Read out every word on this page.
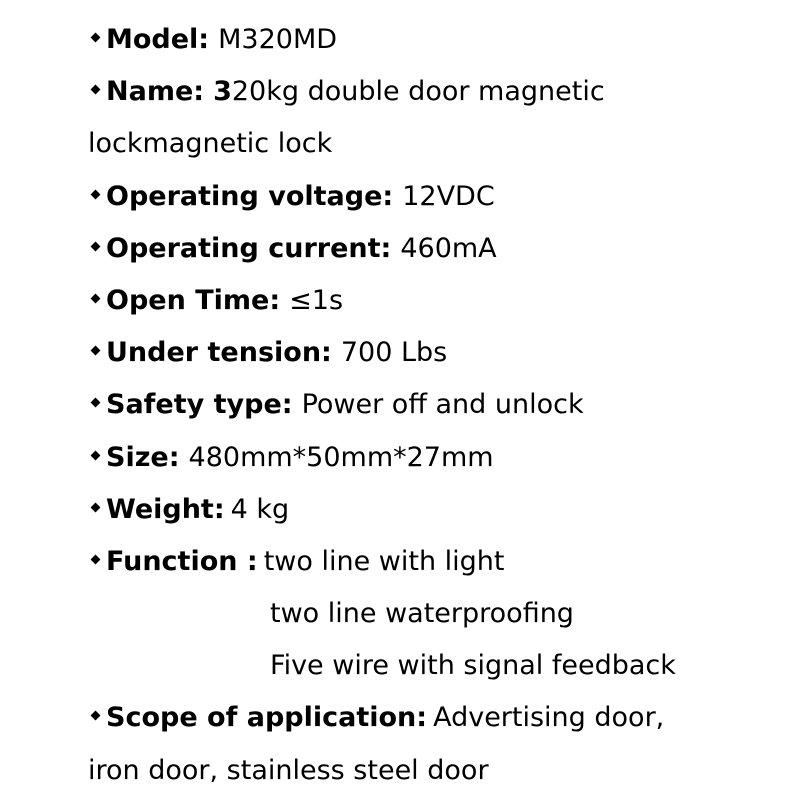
Model: M320MD
Name: 320kg double door magnetic
lockmagnetic lock
Operating voltage: 12VDC
Operating current: 460mA
Open Time: ≤1s
Under tension: 700 Lbs
Safety type: Power off and unlock
Size: 480mm*50mm*27mm
Weight: 4 kg
Function : two line with light
two line waterproofing
Five wire with signal feedback
Scope of application: Advertising door,
iron door, stainless steel door
